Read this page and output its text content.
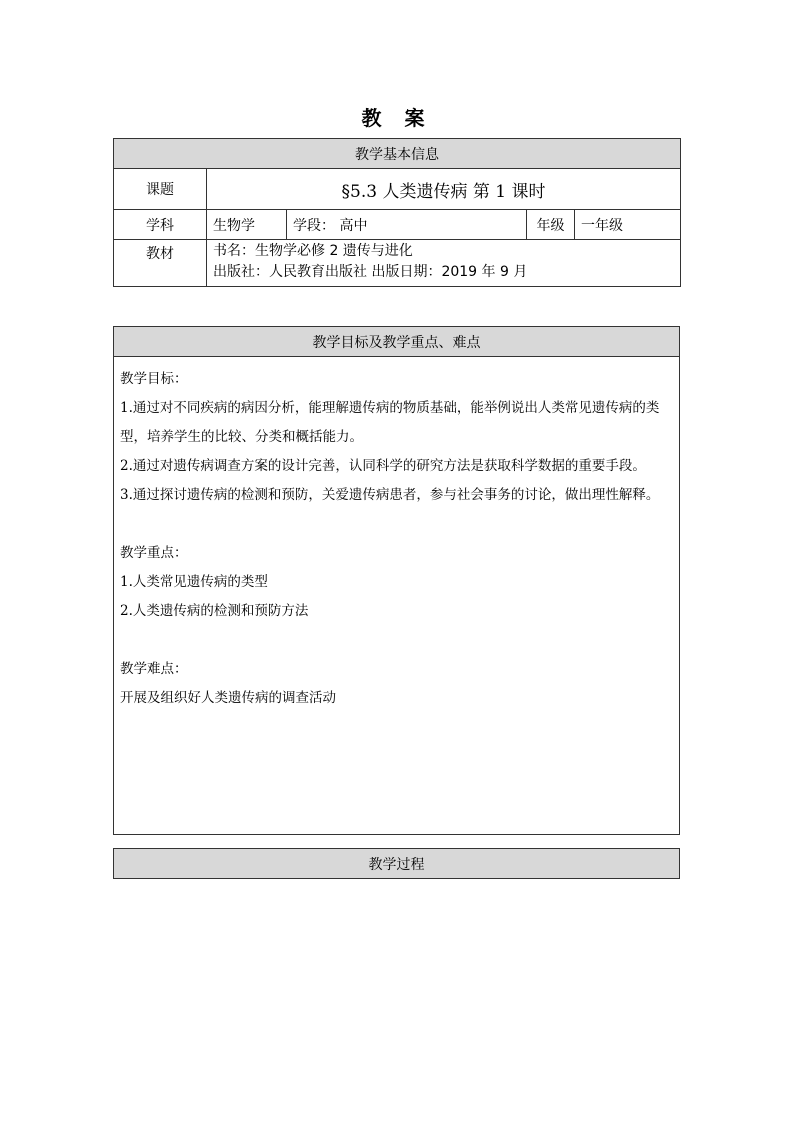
教 案
教学基本信息				
课题	§5.3 人类遗传病 第 1 课时			
学科	生物学	学段： 高中	年级	一年级
教材	书名：生物学必修 2 遗传与进化
出版社：人民教育出版社 出版日期：2019 年 9 月			
教学目标及教学重点、难点

教学目标：
1.通过对不同疾病的病因分析，能理解遗传病的物质基础，能举例说出人类常见遗传病的类
型，培养学生的比较、分类和概括能力。
2.通过对遗传病调查方案的设计完善，认同科学的研究方法是获取科学数据的重要手段。
3.通过探讨遗传病的检测和预防，关爱遗传病患者，参与社会事务的讨论，做出理性解释。
教学重点：
1.人类常见遗传病的类型
2.人类遗传病的检测和预防方法
教学难点：
开展及组织好人类遗传病的调查活动
教学过程
